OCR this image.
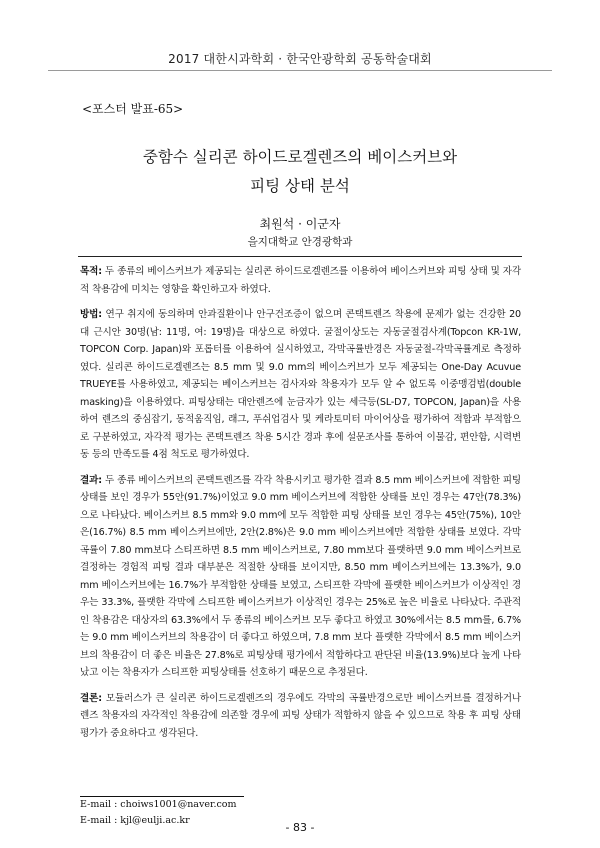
2017 대한시과학회 · 한국안광학회 공동학술대회
<포스터 발표-65>
중함수 실리콘 하이드로겔렌즈의 베이스커브와
피팅 상태 분석
최원석 · 이군자
을지대학교 안경광학과

목적: 두 종류의 베이스커브가 제공되는 실리콘 하이드로겔렌즈를 이용하여 베이스커브와 피팅 상태 및 자각적 착용감에 미치는 영향을 확인하고자 하였다.

방법: 연구 취지에 동의하며 안과질환이나 안구건조증이 없으며 콘택트렌즈 착용에 문제가 없는 건강한 20대 근시안 30명(남: 11명, 여: 19명)을 대상으로 하였다. 굴절이상도는 자동굴절검사계(Topcon KR-1W, TOPCON Corp. Japan)와 포롭터를 이용하여 실시하였고, 각막곡률반경은 자동굴절-각막곡률계로 측정하였다. 실리콘 하이드로겔렌즈는 8.5 mm 및 9.0 mm의 베이스커브가 모두 제공되는 One-Day Acuvue TRUEYE를 사용하였고, 제공되는 베이스커브는 검사자와 착용자가 모두 알 수 없도록 이중맹검법(double masking)을 이용하였다. 피팅상태는 대안렌즈에 눈금자가 있는 세극등(SL-D7, TOPCON, Japan)을 사용하여 렌즈의 중심잡기, 동적움직임, 래그, 푸쉬업검사 및 케라토미터 마이어상을 평가하여 적합과 부적합으로 구분하였고, 자각적 평가는 콘택트렌즈 착용 5시간 경과 후에 설문조사를 통하여 이물감, 편안함, 시력변동 등의 만족도를 4점 척도로 평가하였다.

결과: 두 종류 베이스커브의 콘택트렌즈를 각각 착용시키고 평가한 결과 8.5 mm 베이스커브에 적합한 피팅 상태를 보인 경우가 55안(91.7%)이었고 9.0 mm 베이스커브에 적합한 상태를 보인 경우는 47안(78.3%)으로 나타났다. 베이스커브 8.5 mm와 9.0 mm에 모두 적합한 피팅 상태를 보인 경우는 45안(75%), 10안은(16.7%) 8.5 mm 베이스커브에만, 2안(2.8%)은 9.0 mm 베이스커브에만 적합한 상태를 보였다. 각막 곡률이 7.80 mm보다 스티프하면 8.5 mm 베이스커브로, 7.80 mm보다 플랫하면 9.0 mm 베이스커브로 결정하는 경험적 피팅 결과 대부분은 적절한 상태를 보이지만, 8.50 mm 베이스커브에는 13.3%가, 9.0 mm 베이스커브에는 16.7%가 부적합한 상태를 보였고, 스티프한 각막에 플랫한 베이스커브가 이상적인 경우는 33.3%, 플랫한 각막에 스티프한 베이스커브가 이상적인 경우는 25%로 높은 비율로 나타났다. 주관적인 착용감은 대상자의 63.3%에서 두 종류의 베이스커브 모두 좋다고 하였고 30%에서는 8.5 mm를, 6.7%는 9.0 mm 베이스커브의 착용감이 더 좋다고 하였으며, 7.8 mm 보다 플랫한 각막에서 8.5 mm 베이스커브의 착용감이 더 좋은 비율은 27.8%로 피팅상태 평가에서 적합하다고 판단된 비율(13.9%)보다 높게 나타났고 이는 착용자가 스티프한 피팅상태를 선호하기 때문으로 추정된다.

결론: 모듈러스가 큰 실리콘 하이드로겔렌즈의 경우에도 각막의 곡률반경으로만 베이스커브를 결정하거나 렌즈 착용자의 자각적인 착용감에 의존할 경우에 피팅 상태가 적합하지 않을 수 있으므로 착용 후 피팅 상태 평가가 중요하다고 생각된다.

E-mail : choiws1001@naver.com
E-mail : kjl@eulji.ac.kr
- 83 -
